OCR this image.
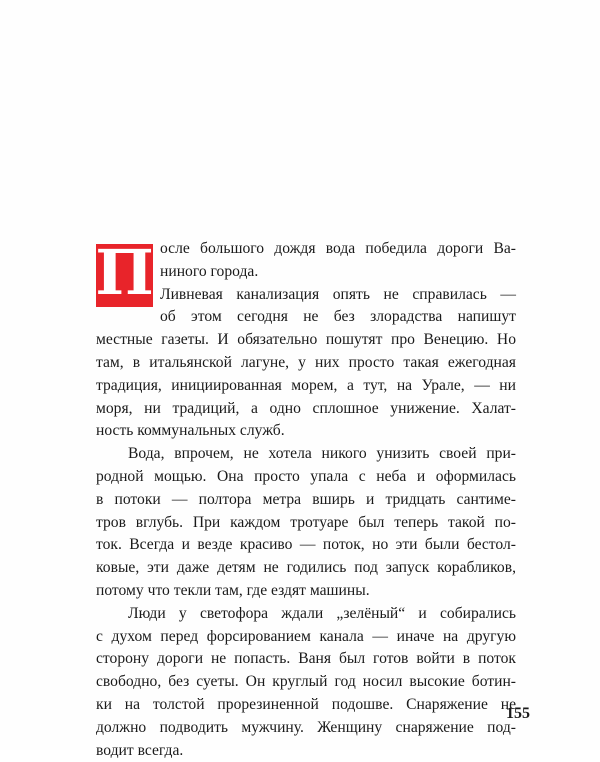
П осле большого дождя вода победила дороги Ва-
ниного города.
Ливневая канализация опять не справилась —
об этом сегодня не без злорадства напишут
местные газеты. И обязательно пошутят про Венецию. Но
там, в итальянской лагуне, у них просто такая ежегодная
традиция, инициированная морем, а тут, на Урале, — ни
моря, ни традиций, а одно сплошное унижение. Халат-
ность коммунальных служб.
Вода, впрочем, не хотела никого унизить своей при-
родной мощью. Она просто упала с неба и оформилась
в потоки — полтора метра вширь и тридцать сантиме-
тров вглубь. При каждом тротуаре был теперь такой по-
ток. Всегда и везде красиво — поток, но эти были бестол-
ковые, эти даже детям не годились под запуск корабликов,
потому что текли там, где ездят машины.
Люди у светофора ждали „зелёный“ и собирались
с духом перед форсированием канала — иначе на другую
сторону дороги не попасть. Ваня был готов войти в поток
свободно, без суеты. Он круглый год носил высокие ботин-
ки на толстой прорезиненной подошве. Снаряжение не
должно подводить мужчину. Женщину снаряжение под-
водит всегда.
155
